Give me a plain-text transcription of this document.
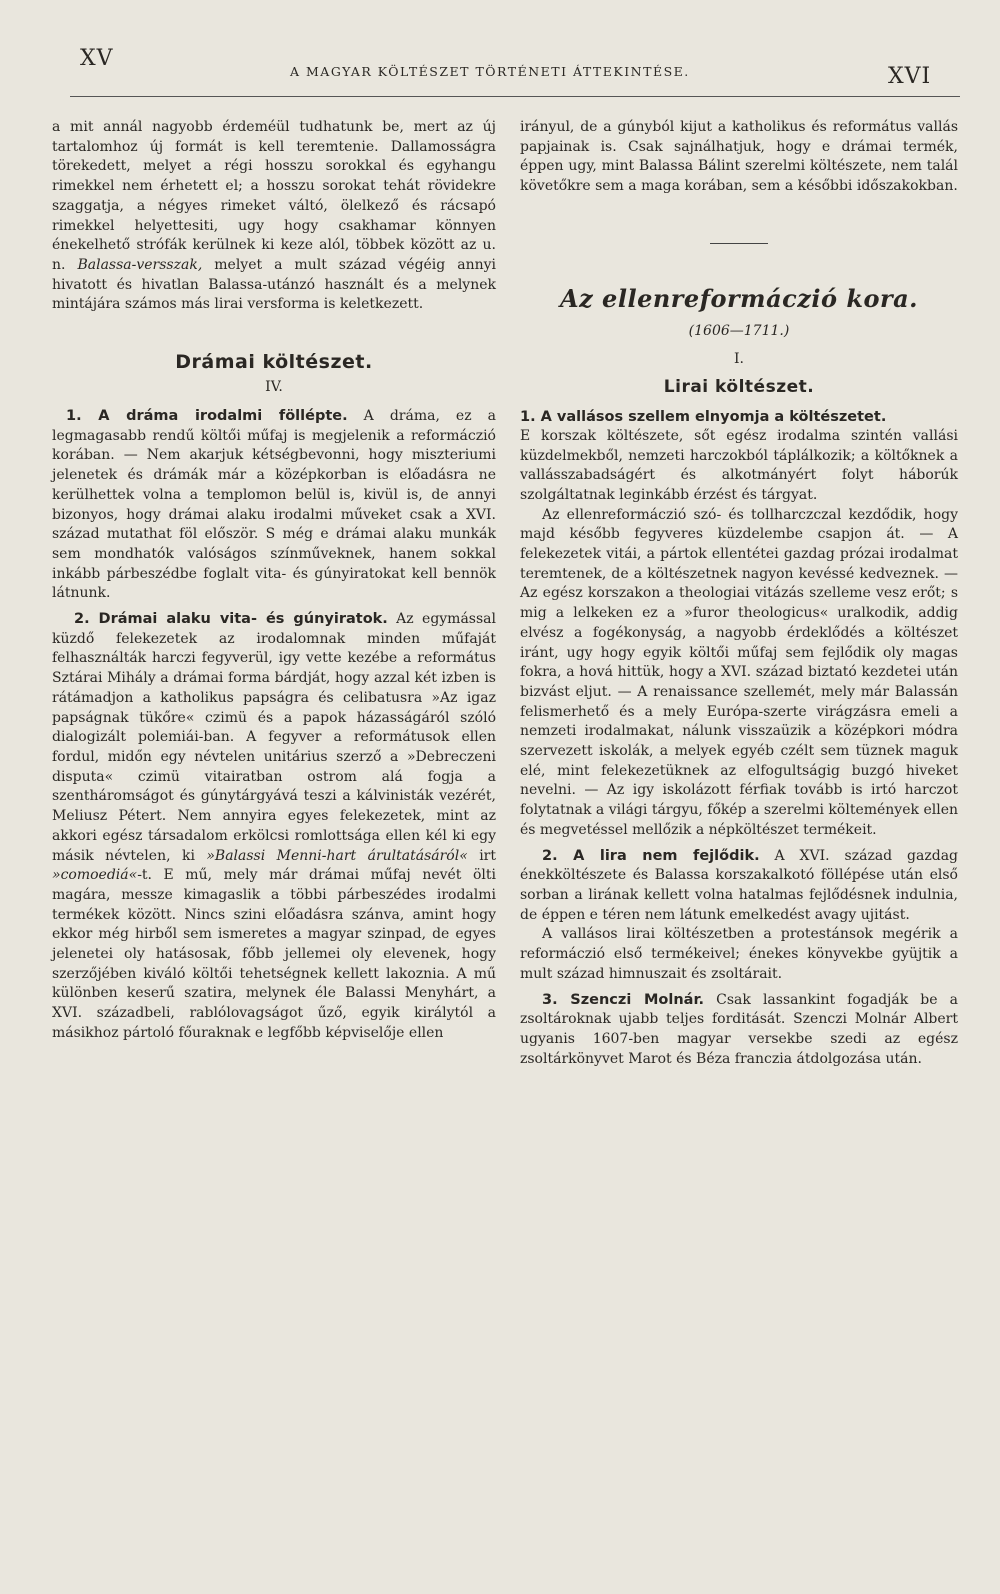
XV
A MAGYAR KÖLTÉSZET TÖRTÉNETI ÁTTEKINTÉSE.	XVI

a mit annál nagyobb érdeméül tudhatunk be, mert az új tartalomhoz új formát is kell teremtenie. Dallamosságra törekedett, melyet a régi hosszu sorokkal és egyhangu rimekkel nem érhetett el; a hosszu sorokat tehát rövidekre szaggatja, a négyes rimeket váltó, ölelkező és rácsapó rimekkel helyettesiti, ugy hogy csakhamar könnyen énekelhető strófák kerülnek ki keze alól, többek között az u. n. Balassa-versszak, melyet a mult század végéig annyi hivatott és hivatlan Balassa-utánzó használt és a melynek mintájára számos más lirai versforma is keletkezett.

Drámai költészet.
IV.

1. A dráma irodalmi föllépte. A dráma, ez a legmagasabb rendű költői műfaj is megjelenik a reformáczió korában. — Nem akarjuk kétségbevonni, hogy miszteriumi jelenetek és drámák már a középkorban is előadásra ne kerülhettek volna a templomon belül is, kivül is, de annyi bizonyos, hogy drámai alaku irodalmi műveket csak a XVI. század mutathat föl először. S még e drámai alaku munkák sem mondhatók valóságos színműveknek, hanem sokkal inkább párbeszédbe foglalt vita- és gúnyiratokat kell bennök látnunk.

2. Drámai alaku vita- és gúnyiratok. Az egymással küzdő felekezetek az irodalomnak minden műfaját felhasználták harczi fegyverül, igy vette kezébe a református Sztárai Mihály a drámai forma bárdját, hogy azzal két izben is rátámadjon a katholikus papságra és celibatusra »Az igaz papságnak tükőre« czimü és a papok házasságáról szóló dialogizált polemiái-ban. A fegyver a reformátusok ellen fordul, midőn egy névtelen unitárius szerző a »Debreczeni disputa« czimü vitairatban ostrom alá fogja a szentháromságot és gúnytárgyává teszi a kálvinisták vezérét, Meliusz Pétert. Nem annyira egyes felekezetek, mint az akkori egész társadalom erkölcsi romlottsága ellen kél ki egy másik névtelen, ki »Balassi Menni-hart árultatásáról« irt »comoediá«-t. E mű, mely már drámai műfaj nevét ölti magára, messze kimagaslik a többi párbeszédes irodalmi termékek között. Nincs szini előadásra szánva, amint hogy ekkor még hirből sem ismeretes a magyar szinpad, de egyes jelenetei oly hatásosak, főbb jellemei oly elevenek, hogy szerzőjében kiváló költői tehetségnek kellett lakoznia. A mű különben keserű szatira, melynek éle Balassi Menyhárt, a XVI. századbeli, rablólovagságot űző, egyik királytól a másikhoz pártoló főuraknak e legfőbb képviselője ellen

irányul, de a gúnyból kijut a katholikus és református vallás papjainak is. Csak sajnálhatjuk, hogy e drámai termék, éppen ugy, mint Balassa Bálint szerelmi költészete, nem talál követőkre sem a maga korában, sem a későbbi időszakokban.

Az ellenreformáczió kora.
(1606—1711.)
I.
Lirai költészet.
1. A vallásos szellem elnyomja a költészetet.

E korszak költészete, sőt egész irodalma szintén vallási küzdelmekből, nemzeti harczokból táplálkozik; a költőknek a vallásszabadságért és alkotmányért folyt háborúk szolgáltatnak leginkább érzést és tárgyat.

Az ellenreformáczió szó- és tollharczczal kezdődik, hogy majd később fegyveres küzdelembe csapjon át. — A felekezetek vitái, a pártok ellentétei gazdag prózai irodalmat teremtenek, de a költészetnek nagyon kevéssé kedveznek. — Az egész korszakon a theologiai vitázás szelleme vesz erőt; s mig a lelkeken ez a »furor theologicus« uralkodik, addig elvész a fogékonyság, a nagyobb érdeklődés a költészet iránt, ugy hogy egyik költői műfaj sem fejlődik oly magas fokra, a hová hittük, hogy a XVI. század biztató kezdetei után bizvást eljut. — A renaissance szellemét, mely már Balassán felismerhető és a mely Európa-szerte virágzásra emeli a nemzeti irodalmakat, nálunk visszaüzik a középkori módra szervezett iskolák, a melyek egyéb czélt sem tüznek maguk elé, mint felekezetüknek az elfogultságig buzgó hiveket nevelni. — Az igy iskolázott férfiak tovább is irtó harczot folytatnak a világi tárgyu, főkép a szerelmi költemények ellen és megvetéssel mellőzik a népköltészet termékeit.

2. A lira nem fejlődik. A XVI. század gazdag énekköltészete és Balassa korszakalkotó föllépése után első sorban a lirának kellett volna hatalmas fejlődésnek indulnia, de éppen e téren nem látunk emelkedést avagy ujitást.

A vallásos lirai költészetben a protestánsok megérik a reformáczió első termékeivel; énekes könyvekbe gyüjtik a mult század himnuszait és zsoltárait.

3. Szenczi Molnár. Csak lassankint fogadják be a zsoltároknak ujabb teljes forditását. Szenczi Molnár Albert ugyanis 1607-ben magyar versekbe szedi az egész zsoltárkönyvet Marot és Béza franczia átdolgozása után.
